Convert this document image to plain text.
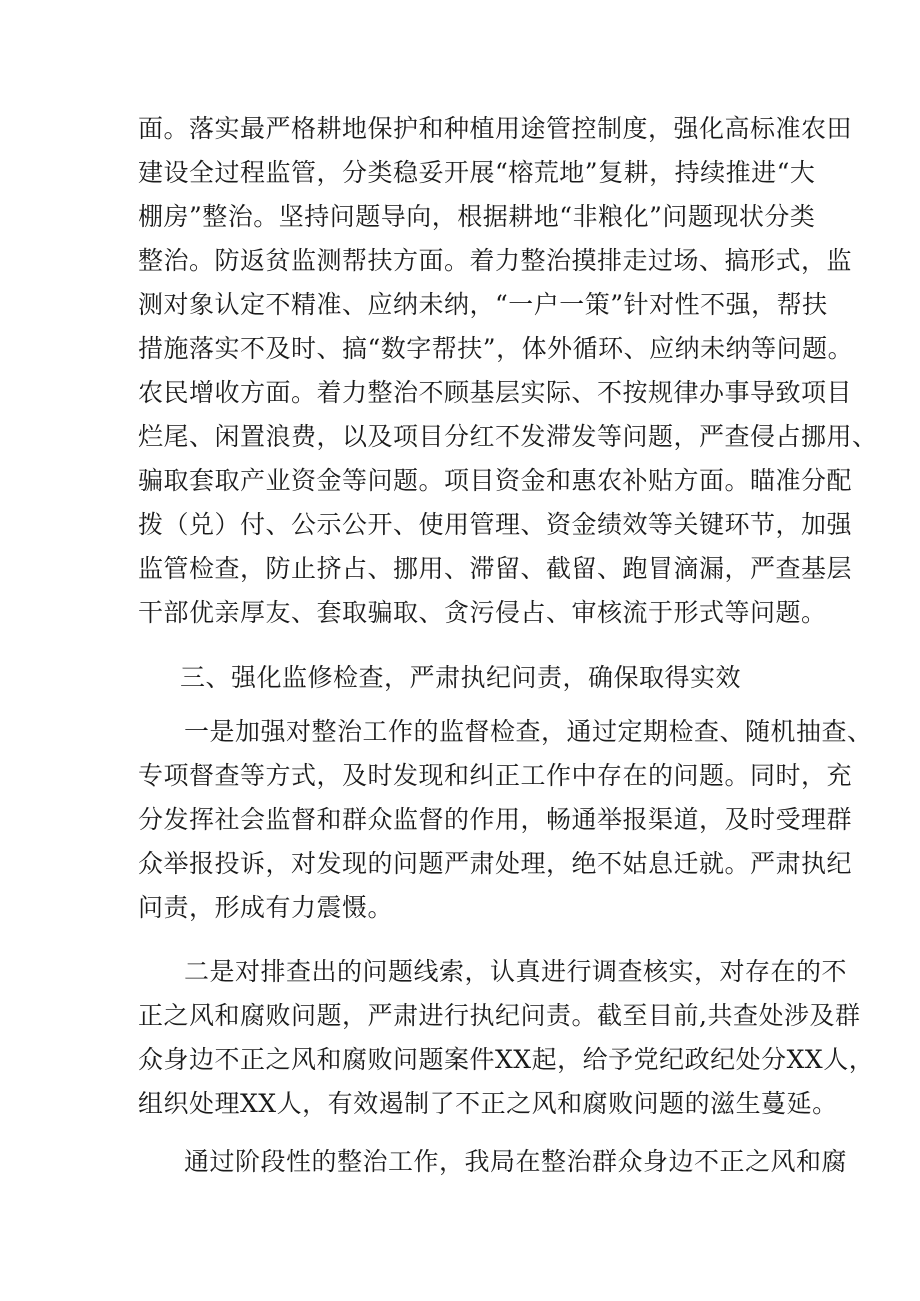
面。落实最严格耕地保护和种植用途管控制度，强化高标准农田
建设全过程监管，分类稳妥开展“榕荒地”复耕，持续推进“大
棚房”整治。坚持问题导向，根据耕地“非粮化”问题现状分类
整治。防返贫监测帮扶方面。着力整治摸排走过场、搞形式，监
测对象认定不精准、应纳未纳，“一户一策”针对性不强，帮扶
措施落实不及时、搞“数字帮扶”，体外循环、应纳未纳等问题。
农民增收方面。着力整治不顾基层实际、不按规律办事导致项目
烂尾、闲置浪费，以及项目分红不发滞发等问题，严查侵占挪用、
骗取套取产业资金等问题。项目资金和惠农补贴方面。瞄准分配
拨（兑）付、公示公开、使用管理、资金绩效等关键环节，加强
监管检查，防止挤占、挪用、滞留、截留、跑冒滴漏，严查基层
干部优亲厚友、套取骗取、贪污侵占、审核流于形式等问题。
三、强化监修检查，严肃执纪问责，确保取得实效
一是加强对整治工作的监督检查，通过定期检查、随机抽查、
专项督查等方式，及时发现和纠正工作中存在的问题。同时，充
分发挥社会监督和群众监督的作用，畅通举报渠道，及时受理群
众举报投诉，对发现的问题严肃处理，绝不姑息迁就。严肃执纪
问责，形成有力震慑。
二是对排查出的问题线索，认真进行调查核实，对存在的不
正之风和腐败问题，严肃进行执纪问责。截至目前,共查处涉及群
众身边不正之风和腐败问题案件XX起，给予党纪政纪处分XX人，
组织处理XX人，有效遏制了不正之风和腐败问题的滋生蔓延。
通过阶段性的整治工作，我局在整治群众身边不正之风和腐
